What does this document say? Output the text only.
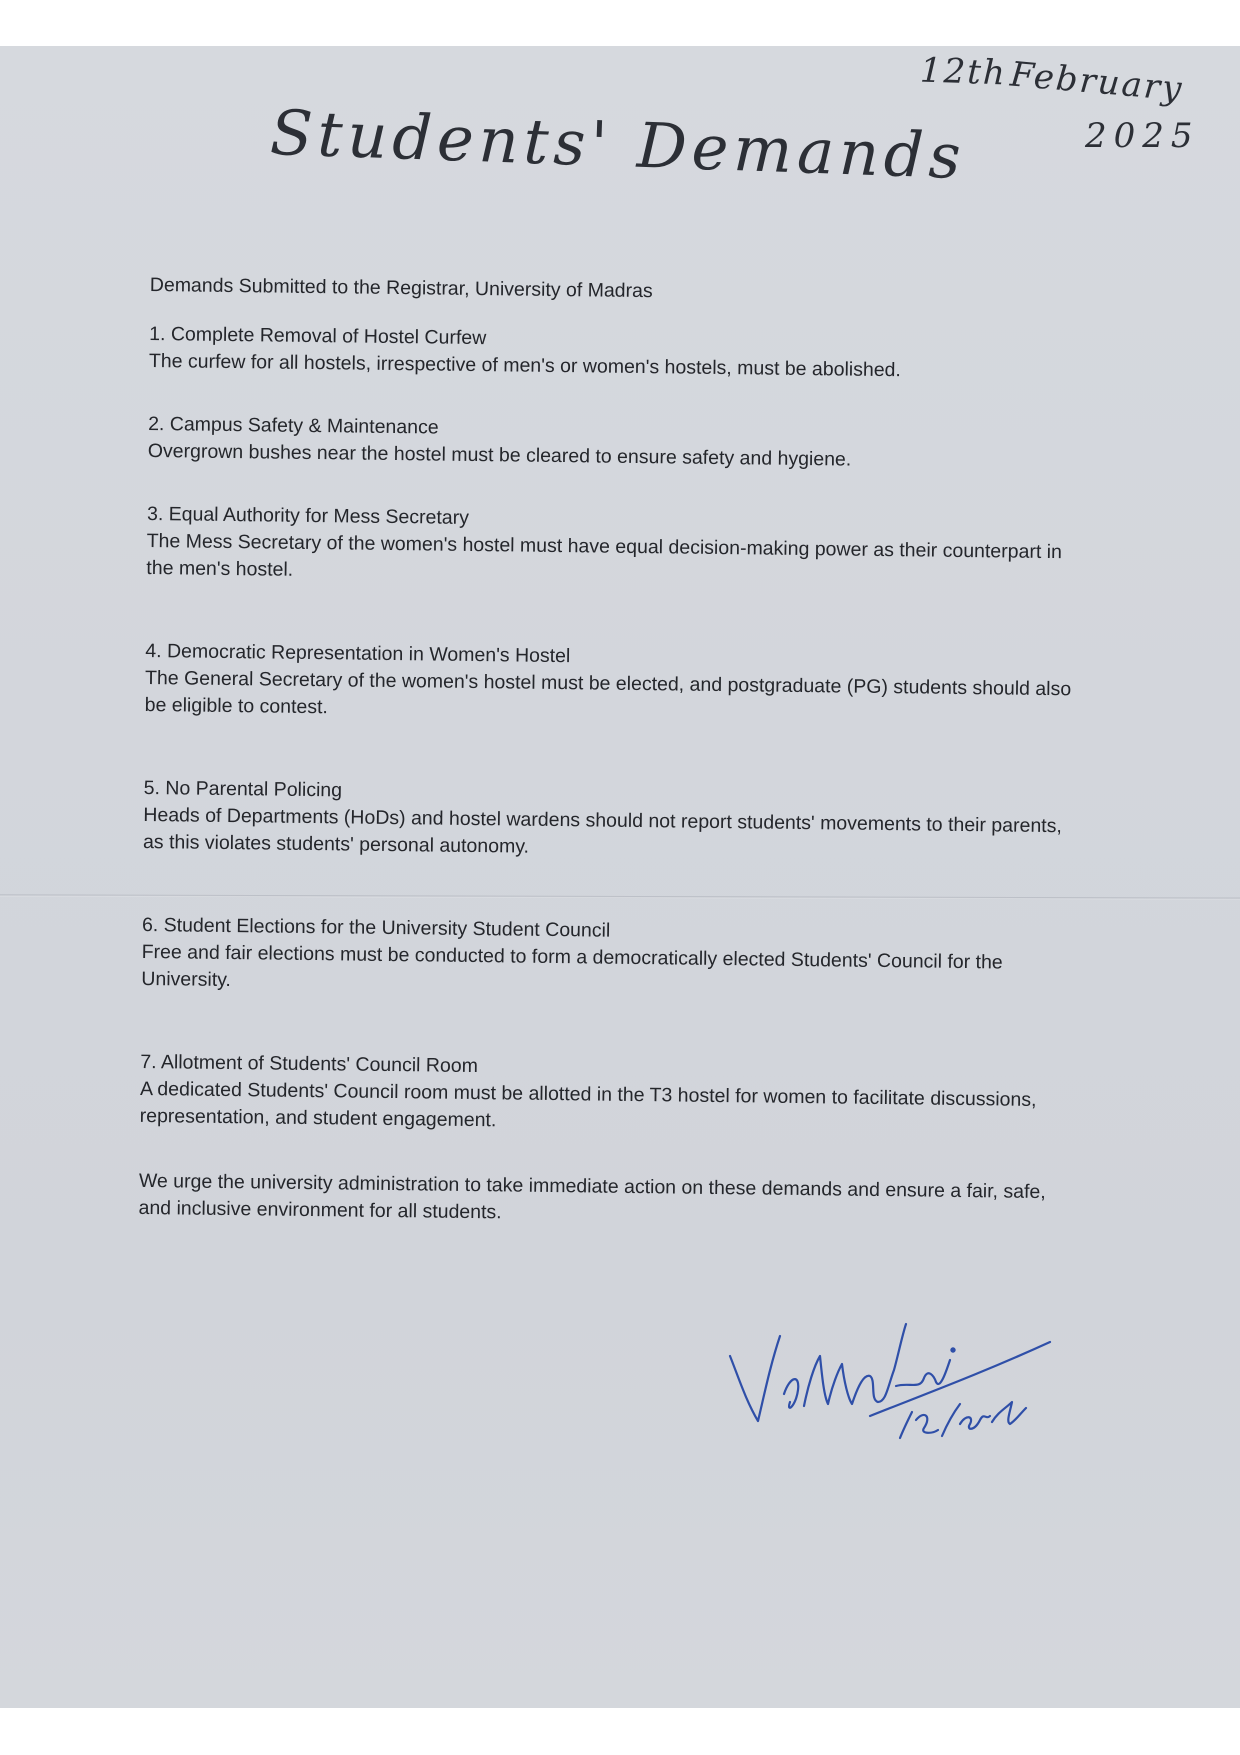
Students' Demands
12th February
2025

Demands Submitted to the Registrar, University of Madras

1. Complete Removal of Hostel Curfew
The curfew for all hostels, irrespective of men's or women's hostels, must be abolished.
2. Campus Safety & Maintenance
Overgrown bushes near the hostel must be cleared to ensure safety and hygiene.
3. Equal Authority for Mess Secretary
The Mess Secretary of the women's hostel must have equal decision-making power as their counterpart in the men's hostel.
4. Democratic Representation in Women's Hostel
The General Secretary of the women's hostel must be elected, and postgraduate (PG) students should also be eligible to contest.
5. No Parental Policing
Heads of Departments (HoDs) and hostel wardens should not report students' movements to their parents, as this violates students' personal autonomy.
6. Student Elections for the University Student Council
Free and fair elections must be conducted to form a democratically elected Students' Council for the University.
7. Allotment of Students' Council Room
A dedicated Students' Council room must be allotted in the T3 hostel for women to facilitate discussions, representation, and student engagement.

We urge the university administration to take immediate action on these demands and ensure a fair, safe, and inclusive environment for all students.
